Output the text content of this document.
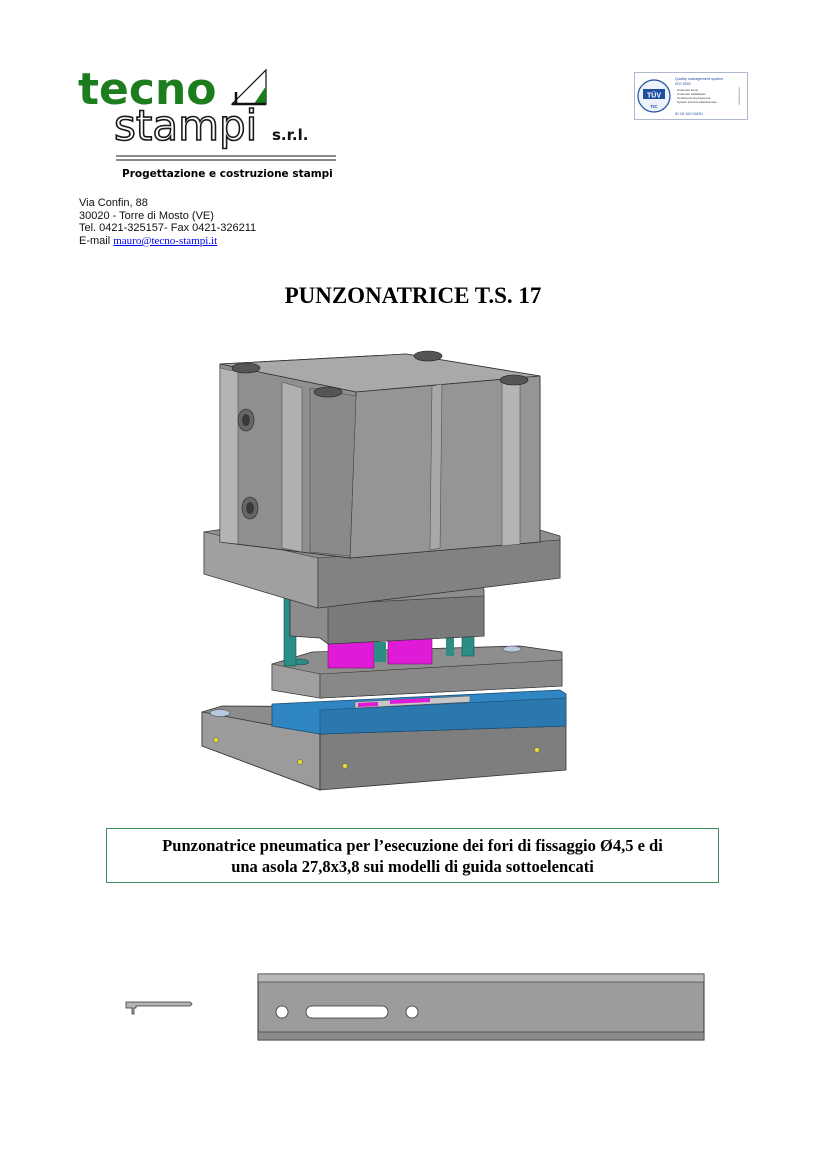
tecno
stampi s.r.l.
Progettazione e costruzione stampi
TÜV
TIC
Quality management system
ISO 9001
Customer focus
Customer satisfaction
Continuous improvement
System process effectiveness
ID 15 100 04291
www.tuv.com
Via Confin, 88
30020 - Torre di Mosto (VE)
Tel. 0421-325157- Fax 0421-326211
E-mail mauro@tecno-stampi.it
PUNZONATRICE T.S. 17
Punzonatrice pneumatica per l’esecuzione dei fori di fissaggio Ø4,5 e di
una asola 27,8x3,8 sui modelli di guida sottoelencati
